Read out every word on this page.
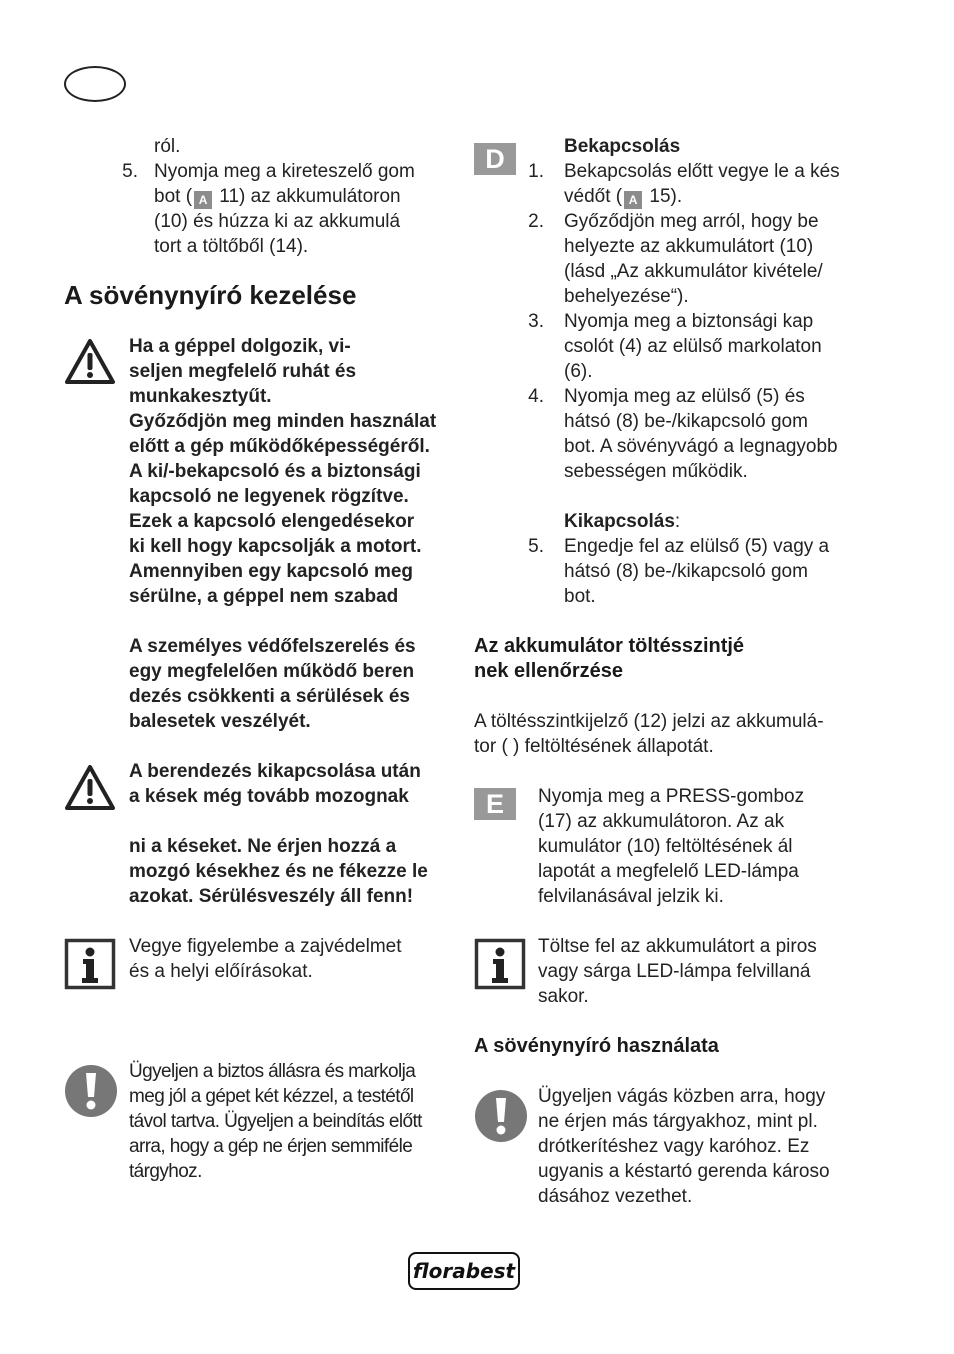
ról.
5. Nyomja meg a kireteszelő gom
bot ( A 11) az akkumulátoron
(10) és húzza ki az akkumulá
tort a töltőből (14).
A sövénynyíró kezelése
Ha a géppel dolgozik, vi-
seljen megfelelő ruhát és
munkakesztyűt.
Győződjön meg minden használat
előtt a gép működőképességéről.
A ki/-bekapcsoló és a biztonsági
kapcsoló ne legyenek rögzítve.
Ezek a kapcsoló elengedésekor
ki kell hogy kapcsolják a motort.
Amennyiben egy kapcsoló meg
sérülne, a géppel nem szabad
A személyes védőfelszerelés és
egy megfelelően működő beren
dezés csökkenti a sérülések és
balesetek veszélyét.
A berendezés kikapcsolása után
a kések még tovább mozognak
ni a késeket. Ne érjen hozzá a
mozgó késekhez és ne fékezze le
azokat. Sérülésveszély áll fenn!
Vegye figyelembe a zajvédelmet
és a helyi előírásokat.
Ügyeljen a biztos állásra és markolja
meg jól a gépet két kézzel, a testétől
távol tartva. Ügyeljen a beindítás előtt
arra, hogy a gép ne érjen semmiféle
tárgyhoz.
D	Bekapcsolás
1. Bekapcsolás előtt vegye le a kés
védőt ( A 15).
2. Győződjön meg arról, hogy be
helyezte az akkumulátort (10)
(lásd „Az akkumulátor kivétele/
behelyezése“).
3. Nyomja meg a biztonsági kap
csolót (4) az elülső markolaton
(6).
4. Nyomja meg az elülső (5) és
hátsó (8) be-/kikapcsoló gom
bot. A sövényvágó a legnagyobb
sebességen működik.
Kikapcsolás:
5. Engedje fel az elülső (5) vagy a
hátsó (8) be-/kikapcsoló gom
bot.
Az akkumulátor töltésszintjé
nek ellenőrzése
A töltésszintkijelző (12) jelzi az akkumulá-
tor ( ) feltöltésének állapotát.
E	Nyomja meg a PRESS-gomboz
(17) az akkumulátoron. Az ak
kumulátor (10) feltöltésének ál
lapotát a megfelelő LED-lámpa
felvilanásával jelzik ki.
Töltse fel az akkumulátort a piros
vagy sárga LED-lámpa felvillaná
sakor.
A sövénynyíró használata
Ügyeljen vágás közben arra, hogy
ne érjen más tárgyakhoz, mint pl.
drótkerítéshez vagy karóhoz. Ez
ugyanis a késtartó gerenda károso
dásához vezethet.
florabest
